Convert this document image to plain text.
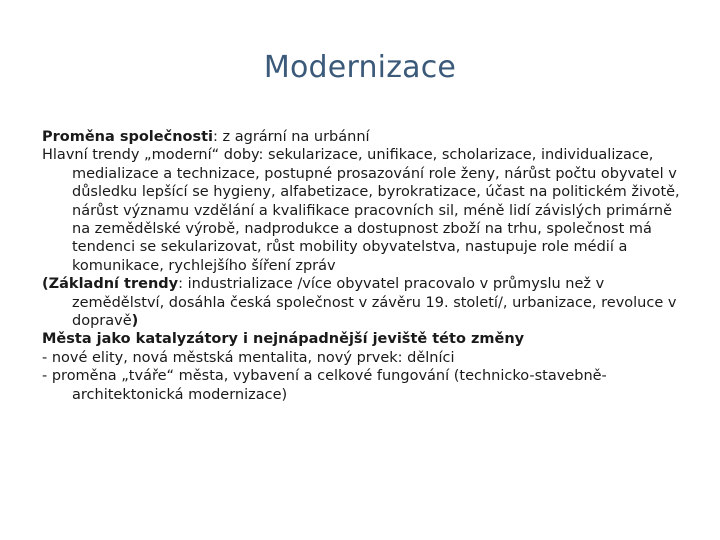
Modernizace

Proměna společnosti: z agrární na urbánní

Hlavní trendy „moderní“ doby: sekularizace, unifikace, scholarizace, individualizace, medializace a technizace, postupné prosazování role ženy, nárůst počtu obyvatel v důsledku lepšící se hygieny, alfabetizace, byrokratizace, účast na politickém životě, nárůst významu vzdělání a kvalifikace pracovních sil, méně lidí závislých primárně na zemědělské výrobě, nadprodukce a dostupnost zboží na trhu, společnost má tendenci se sekularizovat, růst mobility obyvatelstva, nastupuje role médií a komunikace, rychlejšího šíření zpráv

(Základní trendy: industrializace /více obyvatel pracovalo v průmyslu než v zemědělství, dosáhla česká společnost v závěru 19. století/, urbanizace, revoluce v dopravě)

Města jako katalyzátory i nejnápadnější jeviště této změny

- nové elity, nová městská mentalita, nový prvek: dělníci

- proměna „tváře“ města, vybavení a celkové fungování (technicko-stavebně-architektonická modernizace)
